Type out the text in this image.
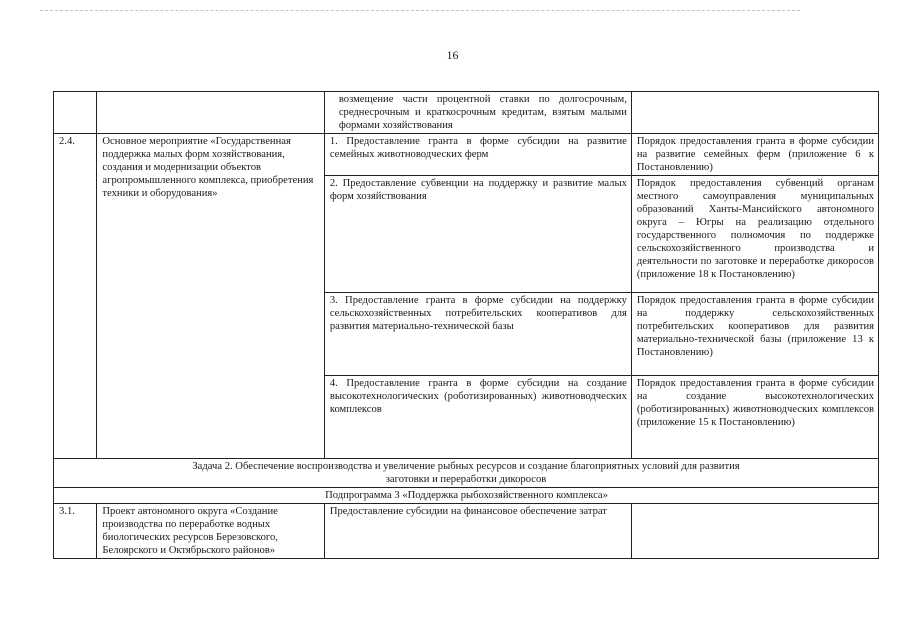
16
		возмещение части процентной ставки по долгосрочным, среднесрочным и краткосрочным кредитам, взятым малыми формами хозяйствования	
2.4.	Основное мероприятие «Государственная поддержка малых форм хозяйствования, создания и модернизации объектов агропромышленного комплекса, приобретения техники и оборудования»	1. Предоставление гранта в форме субсидии на развитие семейных животноводческих ферм	Порядок предоставления гранта в форме субсидии на развитие семейных ферм (приложение 6 к Постановлению)
		2. Предоставление субвенции на поддержку и развитие малых форм хозяйствования	Порядок предоставления субвенций органам местного самоуправления муниципальных образований Ханты-Мансийского автономного округа – Югры на реализацию отдельного государственного полномочия по поддержке сельскохозяйственного производства и деятельности по заготовке и переработке дикоросов (приложение 18 к Постановлению)
		3. Предоставление гранта в форме субсидии на поддержку сельскохозяйственных потребительских кооперативов для развития материально-технической базы	Порядок предоставления гранта в форме субсидии на поддержку сельскохозяйственных потребительских кооперативов для развития материально-технической базы (приложение 13 к Постановлению)
		4. Предоставление гранта в форме субсидии на создание высокотехнологических (роботизированных) животноводческих комплексов	Порядок предоставления гранта в форме субсидии на создание высокотехнологических (роботизированных) животноводческих комплексов (приложение 15 к Постановлению)
Задача 2. Обеспечение воспроизводства и увеличение рыбных ресурсов и создание благоприятных условий для развития заготовки и переработки дикоросов			
Подпрограмма 3 «Поддержка рыбохозяйственного комплекса»			
3.1.	Проект автономного округа «Создание производства по переработке водных биологических ресурсов Березовского, Белоярского и Октябрьского районов»	Предоставление субсидии на финансовое обеспечение затрат	
